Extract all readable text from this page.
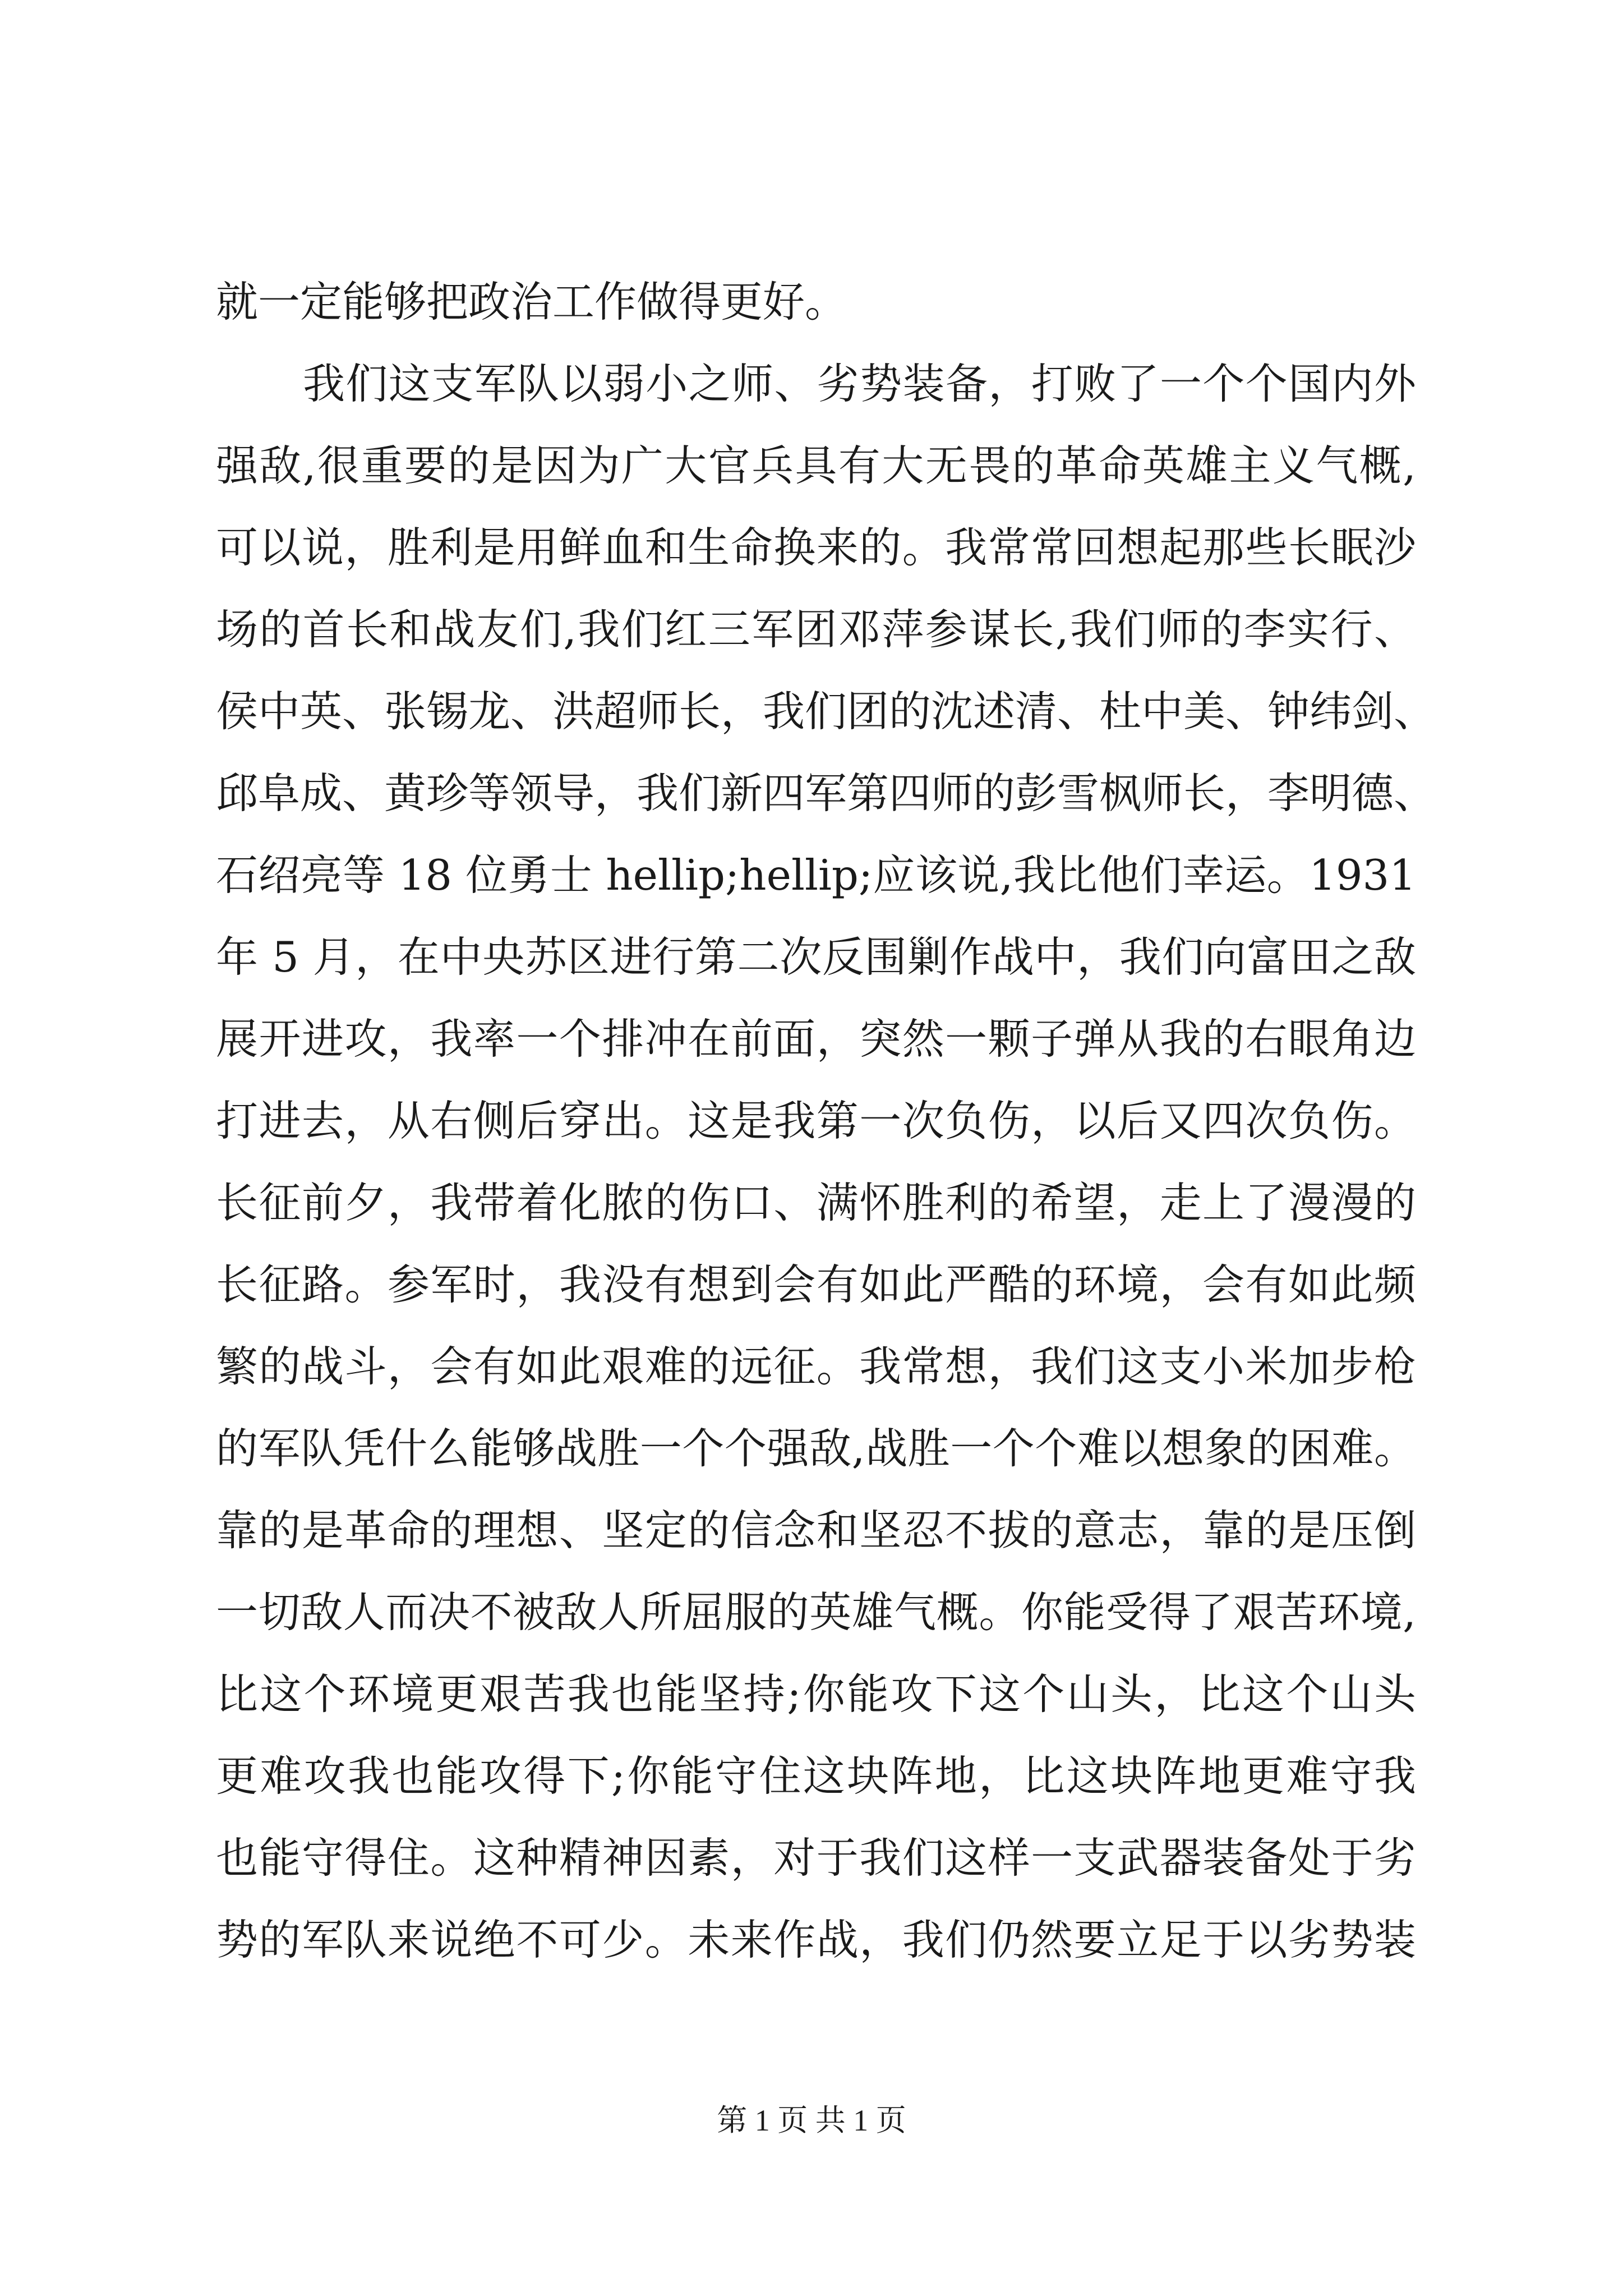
就一定能够把政治工作做得更好。
我们这支军队以弱小之师、劣势装备，打败了一个个国内外
强敌,很重要的是因为广大官兵具有大无畏的革命英雄主义气概,
可以说，胜利是用鲜血和生命换来的。我常常回想起那些长眠沙
场的首长和战友们,我们红三军团邓萍参谋长,我们师的李实行、
侯中英、张锡龙、洪超师长，我们团的沈述清、杜中美、钟纬剑、
邱阜成、黄珍等领导，我们新四军第四师的彭雪枫师长，李明德、
石绍亮等 18 位勇士 hellip;hellip;应该说,我比他们幸运。1931
年 5 月，在中央苏区进行第二次反围剿作战中，我们向富田之敌
展开进攻，我率一个排冲在前面，突然一颗子弹从我的右眼角边
打进去，从右侧后穿出。这是我第一次负伤，以后又四次负伤。
长征前夕，我带着化脓的伤口、满怀胜利的希望，走上了漫漫的
长征路。参军时，我没有想到会有如此严酷的环境，会有如此频
繁的战斗，会有如此艰难的远征。我常想，我们这支小米加步枪
的军队凭什么能够战胜一个个强敌,战胜一个个难以想象的困难。
靠的是革命的理想、坚定的信念和坚忍不拔的意志，靠的是压倒
一切敌人而决不被敌人所屈服的英雄气概。你能受得了艰苦环境,
比这个环境更艰苦我也能坚持;你能攻下这个山头，比这个山头
更难攻我也能攻得下;你能守住这块阵地，比这块阵地更难守我
也能守得住。这种精神因素，对于我们这样一支武器装备处于劣
势的军队来说绝不可少。未来作战，我们仍然要立足于以劣势装
第 1 页 共 1 页
